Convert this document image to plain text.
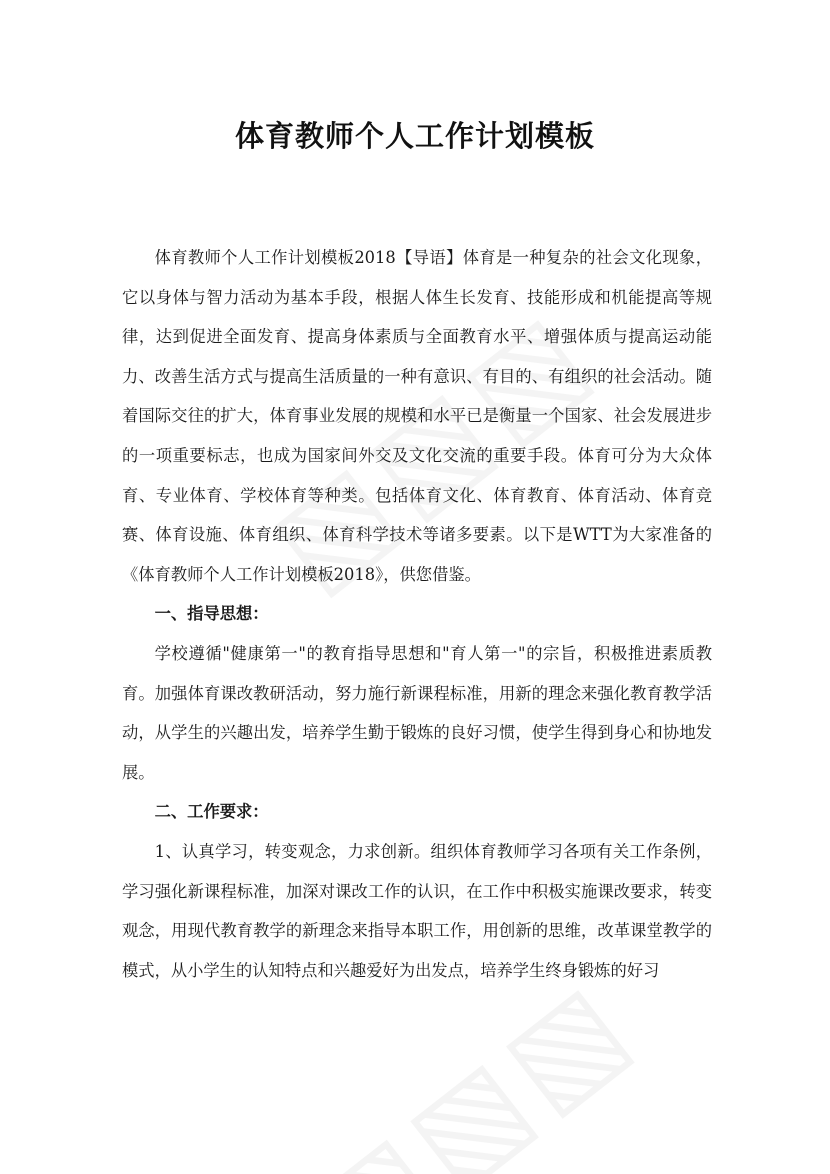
体育教师个人工作计划模板

体育教师个人工作计划模板2018【导语】体育是一种复杂的社会文化现象，它以身体与智力活动为基本手段，根据人体生长发育、技能形成和机能提高等规律，达到促进全面发育、提高身体素质与全面教育水平、增强体质与提高运动能力、改善生活方式与提高生活质量的一种有意识、有目的、有组织的社会活动。随着国际交往的扩大，体育事业发展的规模和水平已是衡量一个国家、社会发展进步的一项重要标志，也成为国家间外交及文化交流的重要手段。体育可分为大众体育、专业体育、学校体育等种类。包括体育文化、体育教育、体育活动、体育竞赛、体育设施、体育组织、体育科学技术等诸多要素。以下是WTT为大家准备的《体育教师个人工作计划模板2018》，供您借鉴。

一、指导思想：

学校遵循"健康第一"的教育指导思想和"育人第一"的宗旨，积极推进素质教育。加强体育课改教研活动，努力施行新课程标准，用新的理念来强化教育教学活动，从学生的兴趣出发，培养学生勤于锻炼的良好习惯，使学生得到身心和协地发展。

二、工作要求：

1、认真学习，转变观念，力求创新。组织体育教师学习各项有关工作条例，学习强化新课程标准，加深对课改工作的认识，在工作中积极实施课改要求，转变观念，用现代教育教学的新理念来指导本职工作，用创新的思维，改革课堂教学的模式，从小学生的认知特点和兴趣爱好为出发点，培养学生终身锻炼的好习
